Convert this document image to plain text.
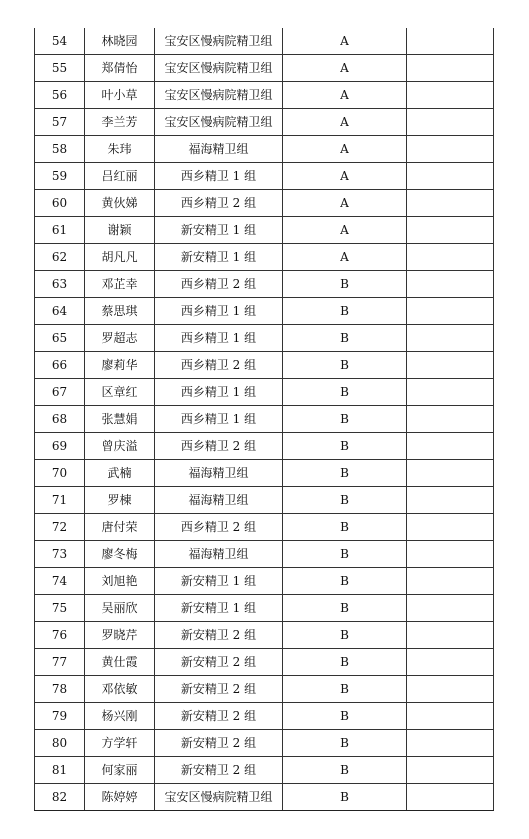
54	林晓园	宝安区慢病院精卫组	A	
55	郑倩怡	宝安区慢病院精卫组	A	
56	叶小草	宝安区慢病院精卫组	A	
57	李兰芳	宝安区慢病院精卫组	A	
58	朱玮	福海精卫组	A	
59	吕红丽	西乡精卫 1 组	A	
60	黄伙娣	西乡精卫 2 组	A	
61	谢颖	新安精卫 1 组	A	
62	胡凡凡	新安精卫 1 组	A	
63	邓芷幸	西乡精卫 2 组	B	
64	蔡思琪	西乡精卫 1 组	B	
65	罗超志	西乡精卫 1 组	B	
66	廖莉华	西乡精卫 2 组	B	
67	区章红	西乡精卫 1 组	B	
68	张慧娟	西乡精卫 1 组	B	
69	曾庆溢	西乡精卫 2 组	B	
70	武楠	福海精卫组	B	
71	罗棟	福海精卫组	B	
72	唐付荣	西乡精卫 2 组	B	
73	廖冬梅	福海精卫组	B	
74	刘旭艳	新安精卫 1 组	B	
75	吴丽欣	新安精卫 1 组	B	
76	罗晓芹	新安精卫 2 组	B	
77	黄仕霞	新安精卫 2 组	B	
78	邓依敏	新安精卫 2 组	B	
79	杨兴刚	新安精卫 2 组	B	
80	方学轩	新安精卫 2 组	B	
81	何家丽	新安精卫 2 组	B	
82	陈婷婷	宝安区慢病院精卫组	B	
